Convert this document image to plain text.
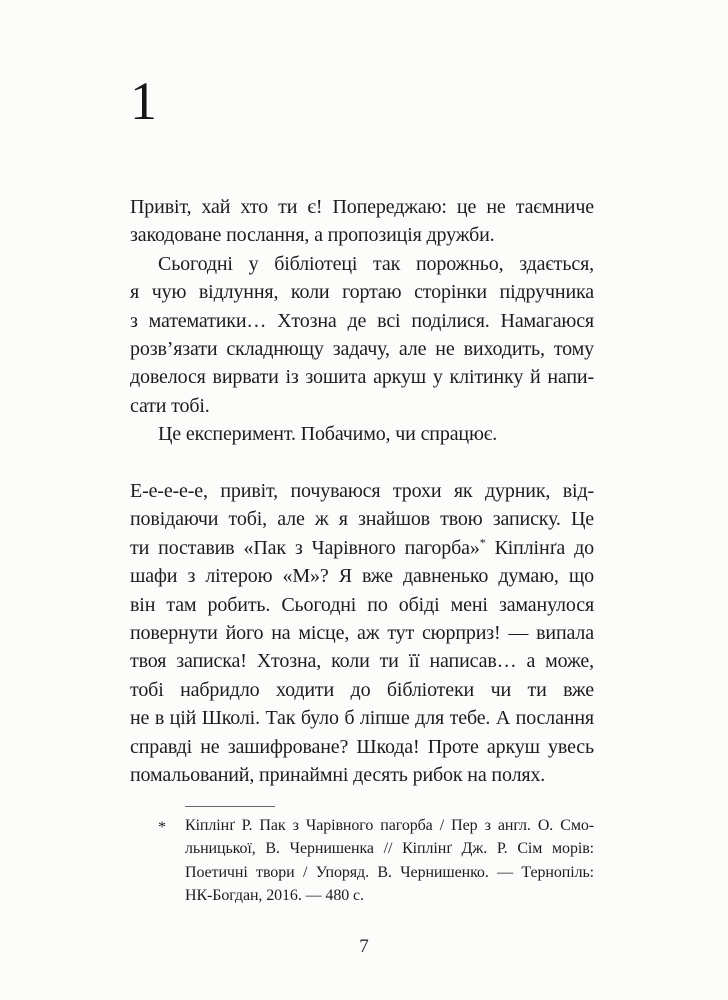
1
Привіт, хай хто ти є! Попереджаю: це не таємниче
закодоване послання, а пропозиція дружби.
Сьогодні у бібліотеці так порожньо, здається,
я чую відлуння, коли гортаю сторінки підручника
з математики… Хтозна де всі поділися. Намагаюся
розв’язати складнющу задачу, але не виходить, тому
довелося вирвати із зошита аркуш у клітинку й напи-
сати тобі.
Це експеримент. Побачимо, чи спрацює.
Е-е-е-е-е, привіт, почуваюся трохи як дурник, від-
повідаючи тобі, але ж я знайшов твою записку. Це
ти поставив «Пак з Чарівного пагорба»* Кіплінґа до
шафи з літерою «М»? Я вже давненько думаю, що
він там робить. Сьогодні по обіді мені заманулося
повернути його на місце, аж тут сюрприз! — випала
твоя записка! Хтозна, коли ти її написав… а може,
тобі набридло ходити до бібліотеки чи ти вже
не в цій Школі. Так було б ліпше для тебе. А послання
справді не зашифроване? Шкода! Проте аркуш увесь
помальований, принаймні десять рибок на полях.
* Кіплінґ Р. Пак з Чарівного пагорба / Пер з англ. О. Смо-
льницької, В. Чернишенка // Кіплінґ Дж. Р. Сім морів:
Поетичні твори / Упоряд. В. Чернишенко. — Тернопіль:
НК-Богдан, 2016. — 480 с.
7
